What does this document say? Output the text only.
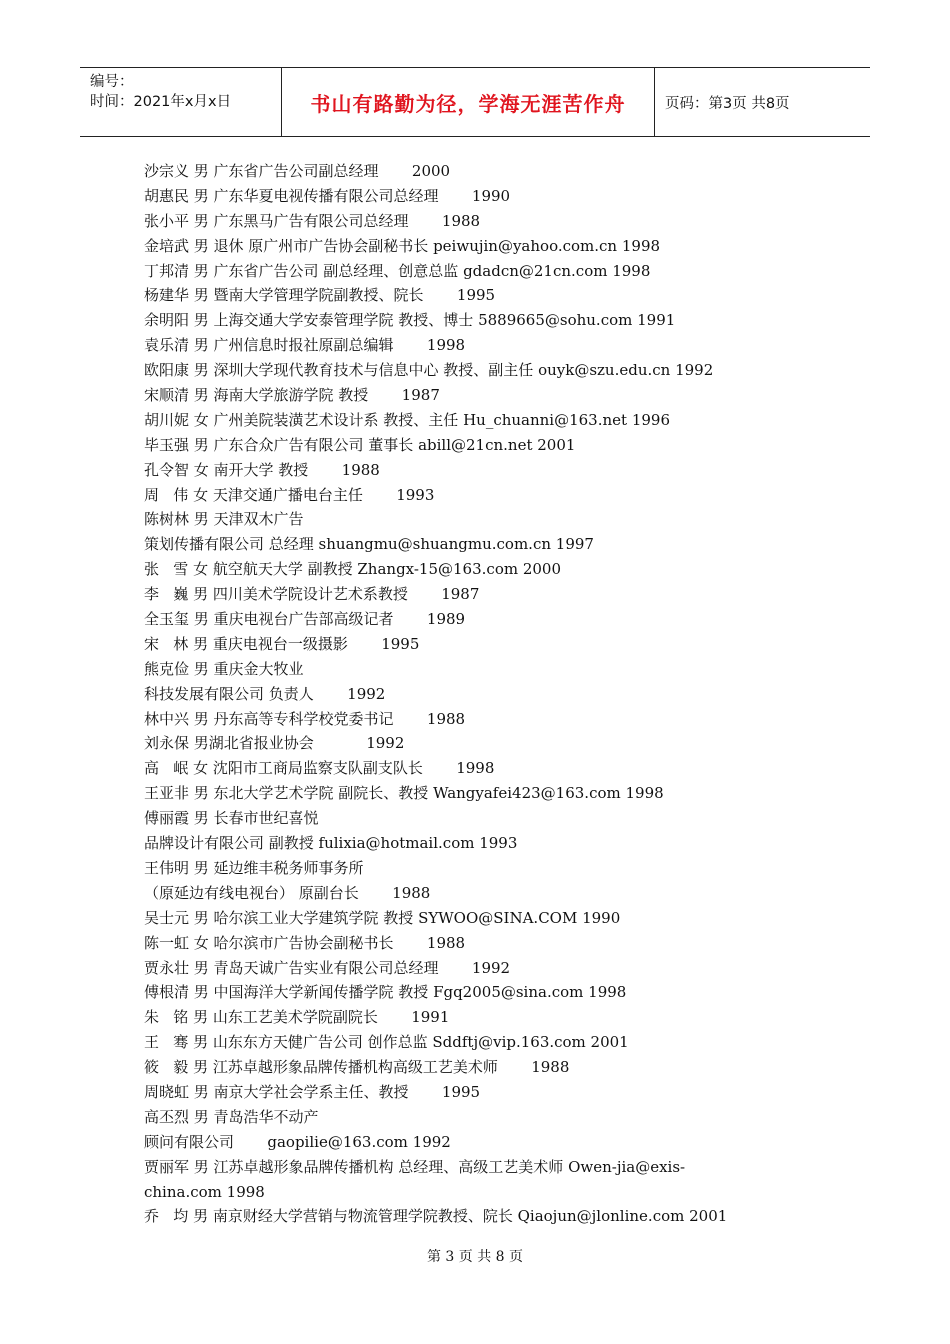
编号：
时间：2021年x月x日	书山有路勤为径，学海无涯苦作舟	页码：第3页 共8页
沙宗义 男 广东省广告公司副总经理       2000
胡惠民 男 广东华夏电视传播有限公司总经理       1990
张小平 男 广东黑马广告有限公司总经理       1988
金培武 男 退休 原广州市广告协会副秘书长 peiwujin@yahoo.com.cn 1998
丁邦清 男 广东省广告公司 副总经理、创意总监 gdadcn@21cn.com 1998
杨建华 男 暨南大学管理学院副教授、院长       1995
余明阳 男 上海交通大学安泰管理学院 教授、博士 5889665@sohu.com 1991
袁乐清 男 广州信息时报社原副总编辑       1998
欧阳康 男 深圳大学现代教育技术与信息中心 教授、副主任 ouyk@szu.edu.cn 1992
宋顺清 男 海南大学旅游学院 教授       1987
胡川妮 女 广州美院装潢艺术设计系 教授、主任 Hu_chuanni@163.net 1996
毕玉强 男 广东合众广告有限公司 董事长 abill@21cn.net 2001
孔令智 女 南开大学 教授       1988
周   伟 女 天津交通广播电台主任       1993
陈树林 男 天津双木广告
策划传播有限公司 总经理 shuangmu@shuangmu.com.cn 1997
张   雪 女 航空航天大学 副教授 Zhangx-15@163.com 2000
李   巍 男 四川美术学院设计艺术系教授       1987
全玉玺 男 重庆电视台广告部高级记者       1989
宋   林 男 重庆电视台一级摄影       1995
熊克俭 男 重庆金大牧业
科技发展有限公司 负责人       1992
林中兴 男 丹东高等专科学校党委书记       1988
刘永保 男湖北省报业协会           1992
高   岷 女 沈阳市工商局监察支队副支队长       1998
王亚非 男 东北大学艺术学院 副院长、教授 Wangyafei423@163.com 1998
傅丽霞 男 长春市世纪喜悦
品牌设计有限公司 副教授 fulixia@hotmail.com 1993
王伟明 男 延边维丰税务师事务所
（原延边有线电视台） 原副台长       1988
吴士元 男 哈尔滨工业大学建筑学院 教授 SYWOO@SINA.COM 1990
陈一虹 女 哈尔滨市广告协会副秘书长       1988
贾永壮 男 青岛天诚广告实业有限公司总经理       1992
傅根清 男 中国海洋大学新闻传播学院 教授 Fgq2005@sina.com 1998
朱   铭 男 山东工艺美术学院副院长       1991
王   骞 男 山东东方天健广告公司 创作总监 Sddftj@vip.163.com 2001
筱   毅 男 江苏卓越形象品牌传播机构高级工艺美术师       1988
周晓虹 男 南京大学社会学系主任、教授       1995
高丕烈 男 青岛浩华不动产
顾问有限公司       gaopilie@163.com 1992
贾丽军 男 江苏卓越形象品牌传播机构 总经理、高级工艺美术师 Owen-jia@exis-
china.com 1998
乔   均 男 南京财经大学营销与物流管理学院教授、院长 Qiaojun@jlonline.com 2001
第 3 页 共 8 页
